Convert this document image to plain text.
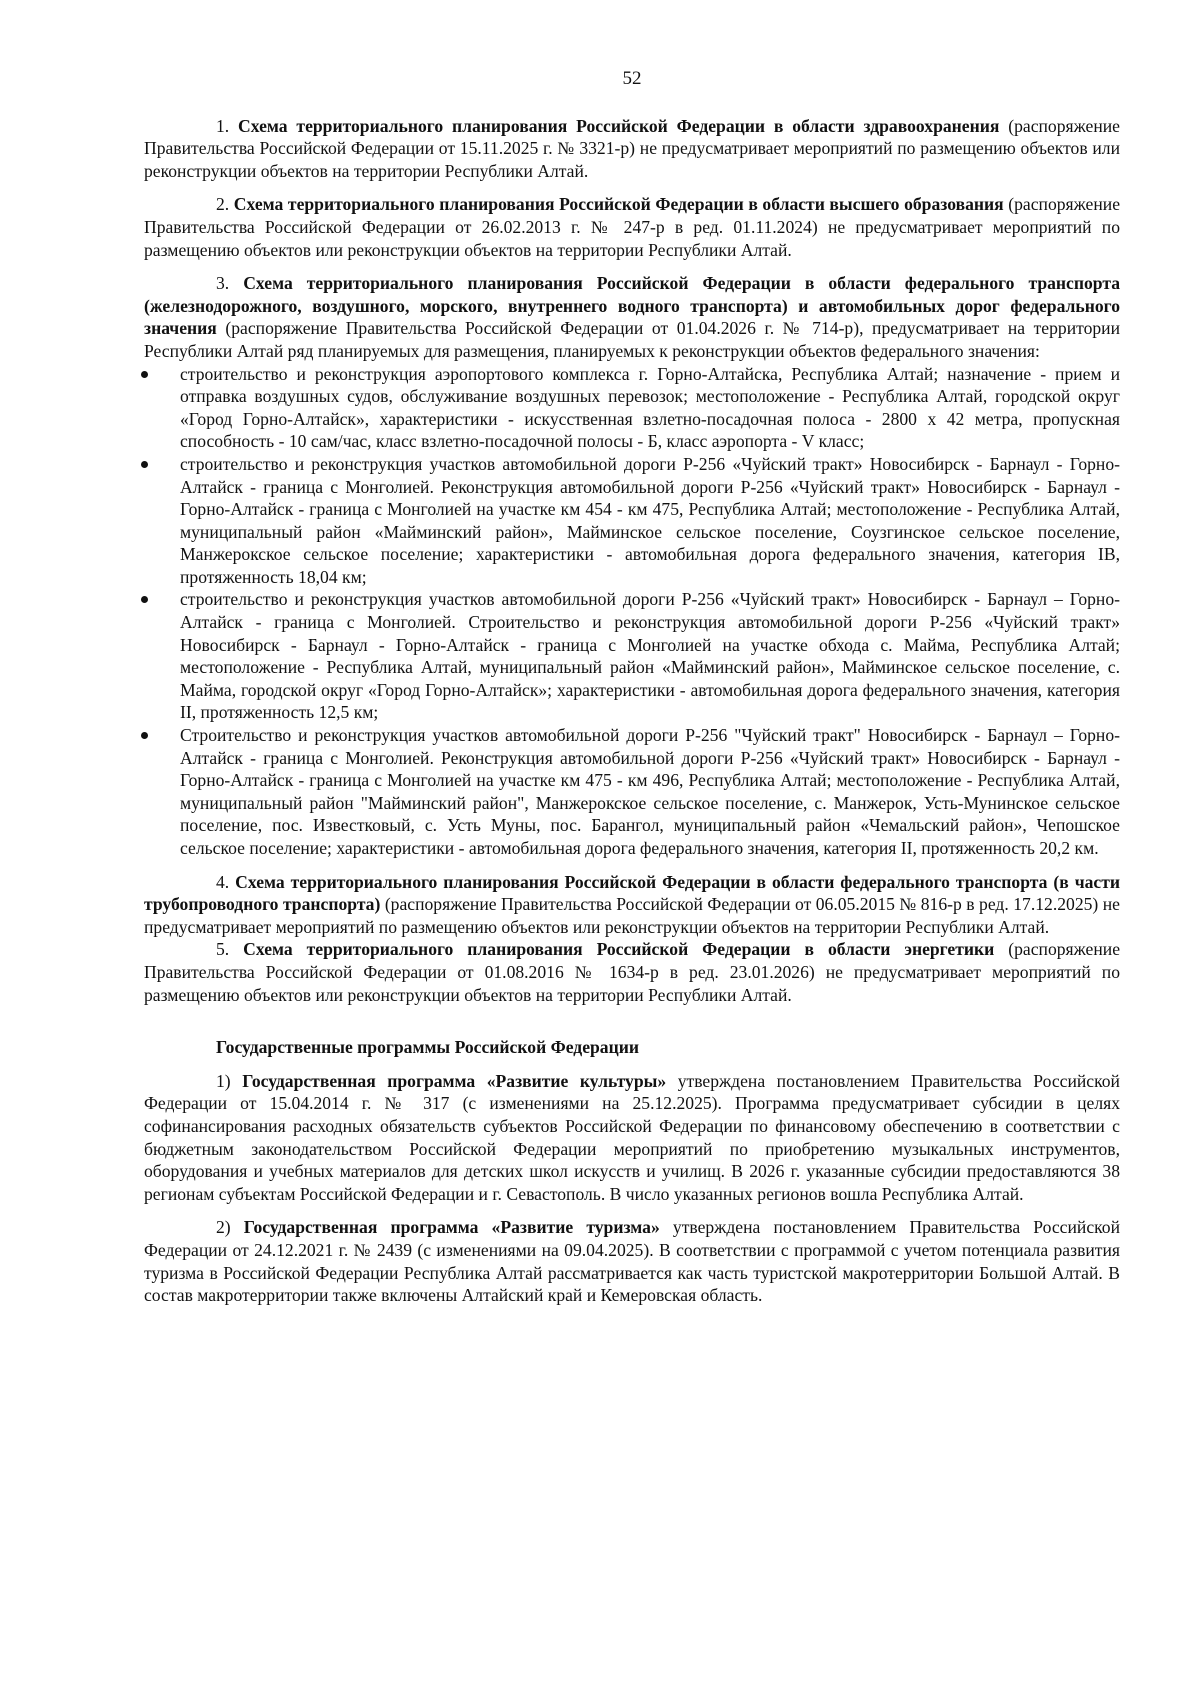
52

1. Схема территориального планирования Российской Федерации в области здравоохранения (распоряжение Правительства Российской Федерации от 15.11.2025 г. № 3321-р) не предусматривает мероприятий по размещению объектов или реконструкции объектов на территории Республики Алтай.

2. Схема территориального планирования Российской Федерации в области высшего образования (распоряжение Правительства Российской Федерации от 26.02.2013 г. № 247-р в ред. 01.11.2024) не предусматривает мероприятий по размещению объектов или реконструкции объектов на территории Республики Алтай.

3. Схема территориального планирования Российской Федерации в области федерального транспорта (железнодорожного, воздушного, морского, внутреннего водного транспорта) и автомобильных дорог федерального значения (распоряжение Правительства Российской Федерации от 01.04.2026 г. № 714-р), предусматривает на территории Республики Алтай ряд планируемых для размещения, планируемых к реконструкции объектов федерального значения:

строительство и реконструкция аэропортового комплекса г. Горно-Алтайска, Республика Алтай; назначение - прием и отправка воздушных судов, обслуживание воздушных перевозок; местоположение - Республика Алтай, городской округ «Город Горно-Алтайск», характеристики - искусственная взлетно-посадочная полоса - 2800 х 42 метра, пропускная способность - 10 сам/час, класс взлетно-посадочной полосы - Б, класс аэропорта - V класс;
строительство и реконструкция участков автомобильной дороги Р-256 «Чуйский тракт» Новосибирск - Барнаул - Горно-Алтайск - граница с Монголией. Реконструкция автомобильной дороги Р-256 «Чуйский тракт» Новосибирск - Барнаул - Горно-Алтайск - граница с Монголией на участке км 454 - км 475, Республика Алтай; местоположение - Республика Алтай, муниципальный район «Майминский район», Майминское сельское поселение, Соузгинское сельское поселение, Манжерокское сельское поселение; характеристики - автомобильная дорога федерального значения, категория IВ, протяженность 18,04 км;
строительство и реконструкция участков автомобильной дороги Р-256 «Чуйский тракт» Новосибирск - Барнаул – Горно-Алтайск - граница с Монголией. Строительство и реконструкция автомобильной дороги Р-256 «Чуйский тракт» Новосибирск - Барнаул - Горно-Алтайск - граница с Монголией на участке обхода с. Майма, Республика Алтай; местоположение - Республика Алтай, муниципальный район «Майминский район», Майминское сельское поселение, с. Майма, городской округ «Город Горно-Алтайск»; характеристики - автомобильная дорога федерального значения, категория II, протяженность 12,5 км;
Строительство и реконструкция участков автомобильной дороги Р-256 "Чуйский тракт" Новосибирск - Барнаул – Горно-Алтайск - граница с Монголией. Реконструкция автомобильной дороги Р-256 «Чуйский тракт» Новосибирск - Барнаул - Горно-Алтайск - граница с Монголией на участке км 475 - км 496, Республика Алтай; местоположение - Республика Алтай, муниципальный район "Майминский район", Манжерокское сельское поселение, с. Манжерок, Усть-Мунинское сельское поселение, пос. Известковый, с. Усть Муны, пос. Барангол, муниципальный район «Чемальский район», Чепошское сельское поселение; характеристики - автомобильная дорога федерального значения, категория II, протяженность 20,2 км.

4. Схема территориального планирования Российской Федерации в области федерального транспорта (в части трубопроводного транспорта) (распоряжение Правительства Российской Федерации от 06.05.2015 № 816-р в ред. 17.12.2025) не предусматривает мероприятий по размещению объектов или реконструкции объектов на территории Республики Алтай.

5. Схема территориального планирования Российской Федерации в области энергетики (распоряжение Правительства Российской Федерации от 01.08.2016 № 1634-р в ред. 23.01.2026) не предусматривает мероприятий по размещению объектов или реконструкции объектов на территории Республики Алтай.

Государственные программы Российской Федерации

1) Государственная программа «Развитие культуры» утверждена постановлением Правительства Российской Федерации от 15.04.2014 г. № 317 (с изменениями на 25.12.2025). Программа предусматривает субсидии в целях софинансирования расходных обязательств субъектов Российской Федерации по финансовому обеспечению в соответствии с бюджетным законодательством Российской Федерации мероприятий по приобретению музыкальных инструментов, оборудования и учебных материалов для детских школ искусств и училищ. В 2026 г. указанные субсидии предоставляются 38 регионам субъектам Российской Федерации и г. Севастополь. В число указанных регионов вошла Республика Алтай.

2) Государственная программа «Развитие туризма» утверждена постановлением Правительства Российской Федерации от 24.12.2021 г. № 2439 (с изменениями на 09.04.2025). В соответствии с программой с учетом потенциала развития туризма в Российской Федерации Республика Алтай рассматривается как часть туристской макротерритории Большой Алтай. В состав макротерритории также включены Алтайский край и Кемеровская область.
